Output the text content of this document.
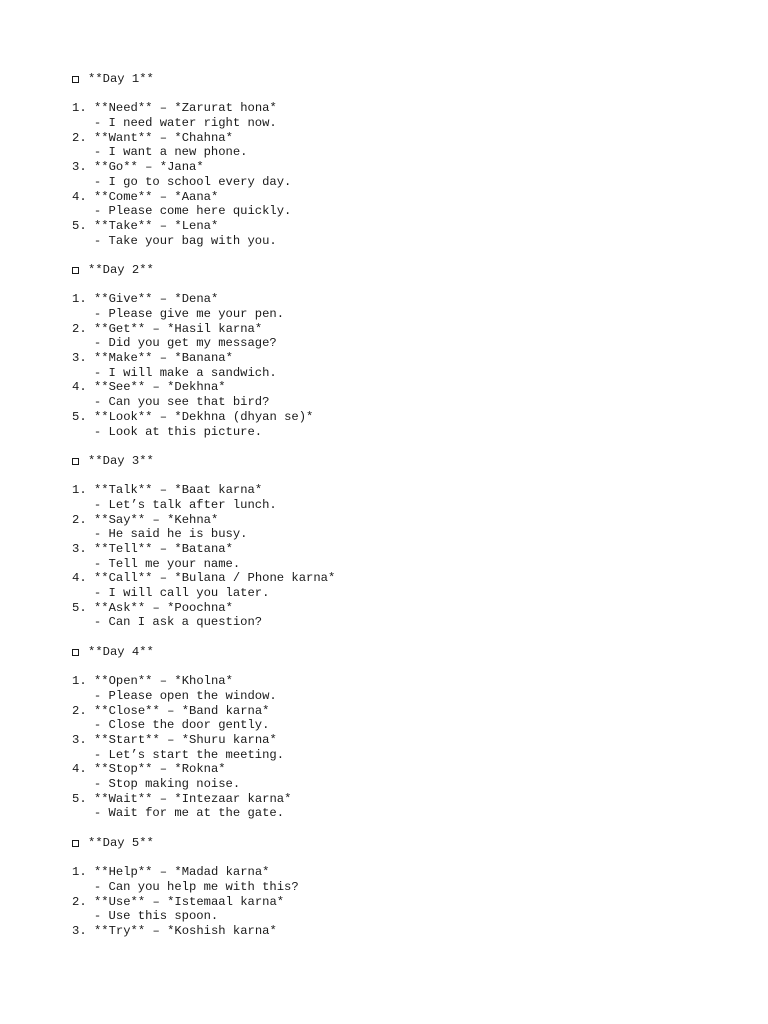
**Day 1**
1. **Need** – *Zarurat hona*
- I need water right now.
2. **Want** – *Chahna*
- I want a new phone.
3. **Go** – *Jana*
- I go to school every day.
4. **Come** – *Aana*
- Please come here quickly.
5. **Take** – *Lena*
- Take your bag with you.
**Day 2**
1. **Give** – *Dena*
- Please give me your pen.
2. **Get** – *Hasil karna*
- Did you get my message?
3. **Make** – *Banana*
- I will make a sandwich.
4. **See** – *Dekhna*
- Can you see that bird?
5. **Look** – *Dekhna (dhyan se)*
- Look at this picture.
**Day 3**
1. **Talk** – *Baat karna*
- Let’s talk after lunch.
2. **Say** – *Kehna*
- He said he is busy.
3. **Tell** – *Batana*
- Tell me your name.
4. **Call** – *Bulana / Phone karna*
- I will call you later.
5. **Ask** – *Poochna*
- Can I ask a question?
**Day 4**
1. **Open** – *Kholna*
- Please open the window.
2. **Close** – *Band karna*
- Close the door gently.
3. **Start** – *Shuru karna*
- Let’s start the meeting.
4. **Stop** – *Rokna*
- Stop making noise.
5. **Wait** – *Intezaar karna*
- Wait for me at the gate.
**Day 5**
1. **Help** – *Madad karna*
- Can you help me with this?
2. **Use** – *Istemaal karna*
- Use this spoon.
3. **Try** – *Koshish karna*
